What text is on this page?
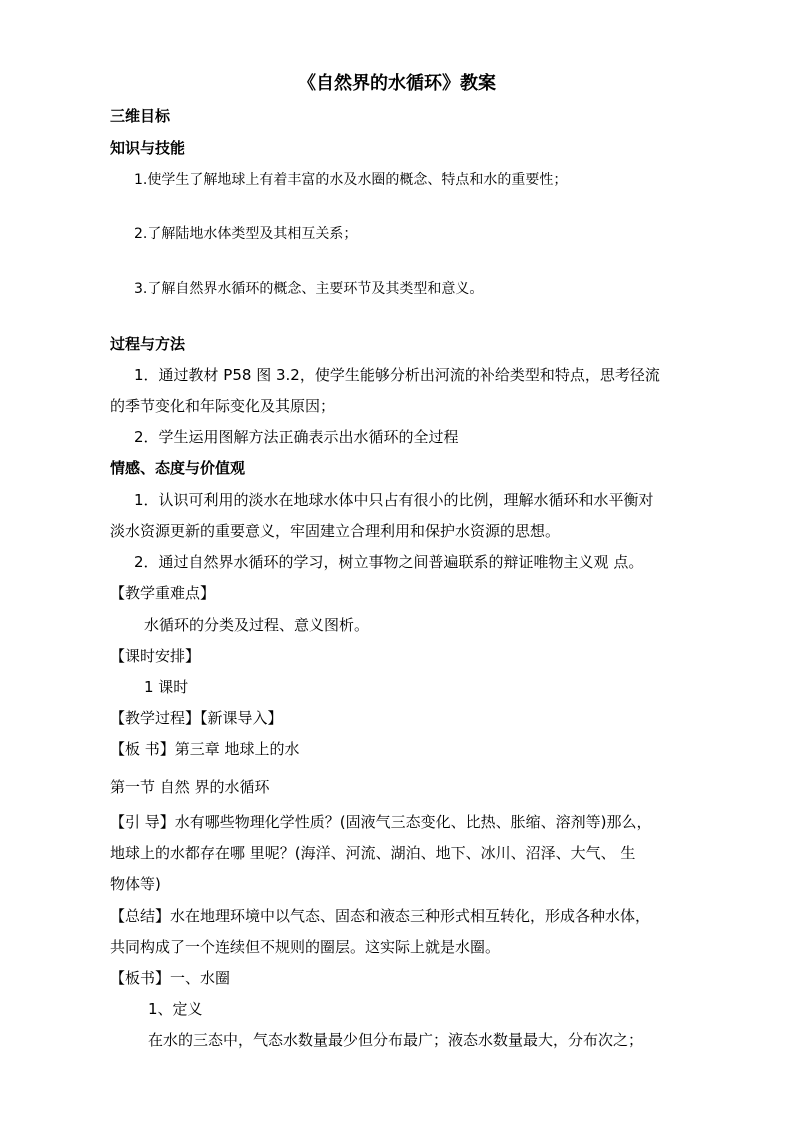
《自然界的水循环》教案
三维目标
知识与技能
1.使学生了解地球上有着丰富的水及水圈的概念、特点和水的重要性；
2.了解陆地水体类型及其相互关系；
3.了解自然界水循环的概念、主要环节及其类型和意义。
过程与方法
1．通过教材 P58 图 3.2，使学生能够分析出河流的补给类型和特点，思考径流
的季节变化和年际变化及其原因；
2．学生运用图解方法正确表示出水循环的全过程
情感、态度与价值观
1．认识可利用的淡水在地球水体中只占有很小的比例，理解水循环和水平衡对
淡水资源更新的重要意义，牢固建立合理利用和保护水资源的思想。
2．通过自然界水循环的学习，树立事物之间普遍联系的辩证唯物主义观 点。
【教学重难点】
水循环的分类及过程、意义图析。
【课时安排】
1 课时
【教学过程】【新课导入】
【板 书】第三章 地球上的水
第一节 自然 界的水循环
【引 导】水有哪些物理化学性质？(固液气三态变化、比热、胀缩、溶剂等)那么，
地球上的水都存在哪 里呢？(海洋、河流、湖泊、地下、冰川、沼泽、大气、 生
物体等)
【总结】水在地理环境中以气态、固态和液态三种形式相互转化，形成各种水体，
共同构成了一个连续但不规则的圈层。这实际上就是水圈。
【板书】一、水圈
1、定义
在水的三态中，气态水数量最少但分布最广；液态水数量最大，分布次之；
